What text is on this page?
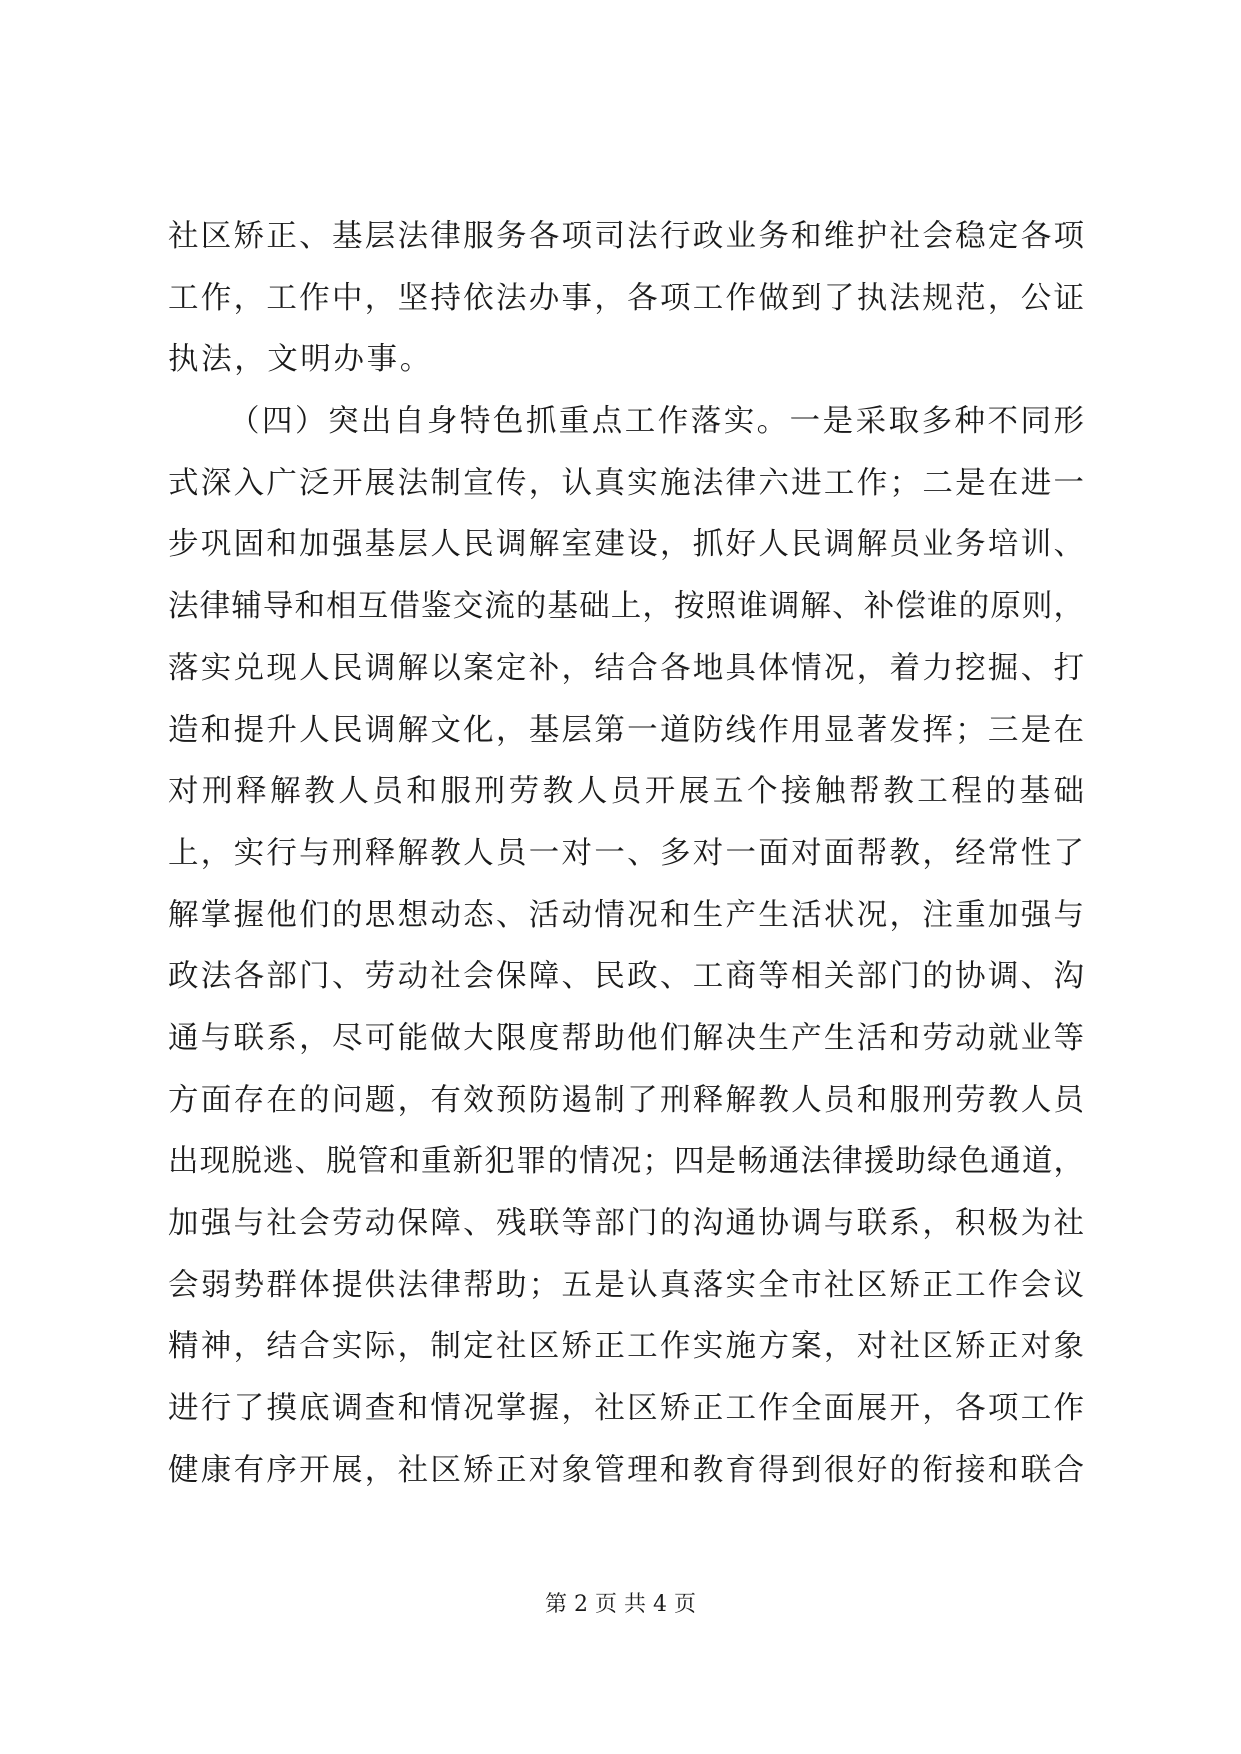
社区矫正、基层法律服务各项司法行政业务和维护社会稳定各项
工作，工作中，坚持依法办事，各项工作做到了执法规范，公证
执法，文明办事。
（四）突出自身特色抓重点工作落实。一是采取多种不同形
式深入广泛开展法制宣传，认真实施法律六进工作；二是在进一
步巩固和加强基层人民调解室建设，抓好人民调解员业务培训、
法律辅导和相互借鉴交流的基础上，按照谁调解、补偿谁的原则，
落实兑现人民调解以案定补，结合各地具体情况，着力挖掘、打
造和提升人民调解文化，基层第一道防线作用显著发挥；三是在
对刑释解教人员和服刑劳教人员开展五个接触帮教工程的基础
上，实行与刑释解教人员一对一、多对一面对面帮教，经常性了
解掌握他们的思想动态、活动情况和生产生活状况，注重加强与
政法各部门、劳动社会保障、民政、工商等相关部门的协调、沟
通与联系，尽可能做大限度帮助他们解决生产生活和劳动就业等
方面存在的问题，有效预防遏制了刑释解教人员和服刑劳教人员
出现脱逃、脱管和重新犯罪的情况；四是畅通法律援助绿色通道，
加强与社会劳动保障、残联等部门的沟通协调与联系，积极为社
会弱势群体提供法律帮助；五是认真落实全市社区矫正工作会议
精神，结合实际，制定社区矫正工作实施方案，对社区矫正对象
进行了摸底调查和情况掌握，社区矫正工作全面展开，各项工作
健康有序开展，社区矫正对象管理和教育得到很好的衔接和联合
第 2 页 共 4 页
